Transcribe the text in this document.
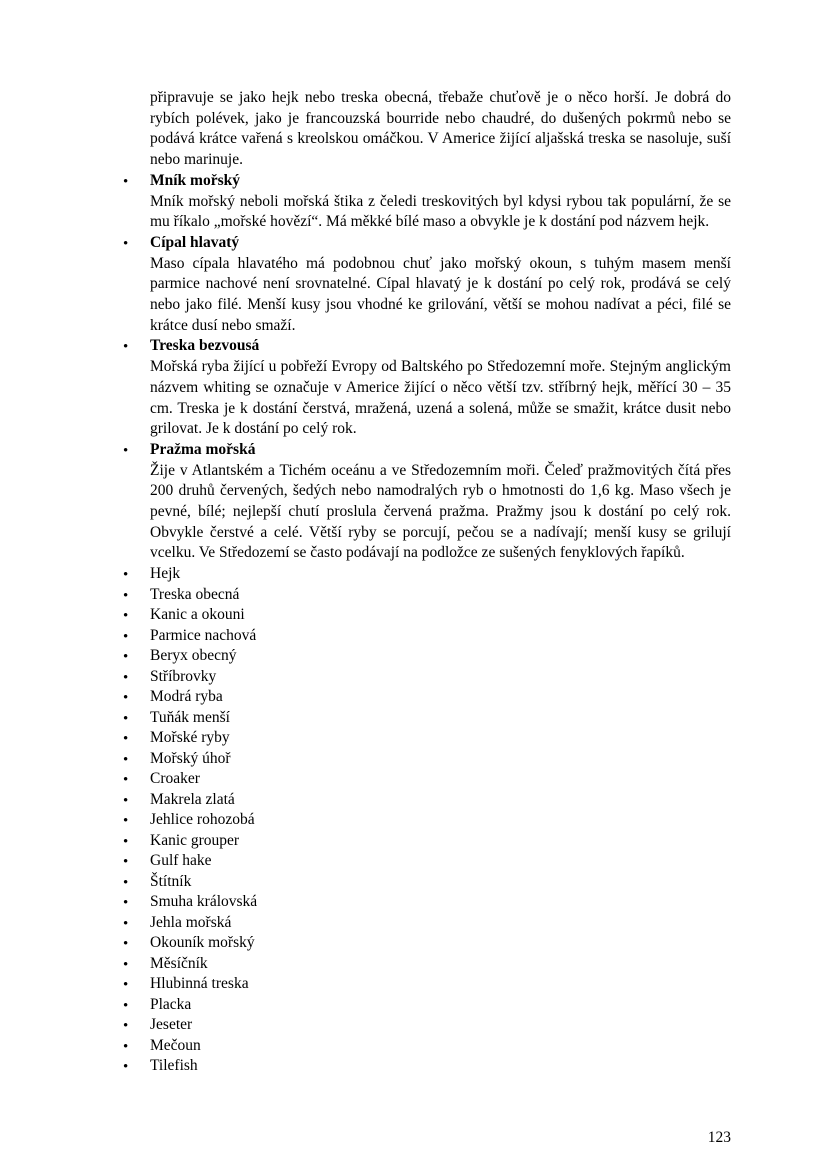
připravuje se jako hejk nebo treska obecná, třebaže chuťově je o něco horší. Je dobrá do rybích polévek, jako je francouzská bourride nebo chaudré, do dušených pokrmů nebo se podává krátce vařená s kreolskou omáčkou. V Americe žijící aljašská treska se nasoluje, suší nebo marinuje.

• Mník mořský

Mník mořský neboli mořská štika z čeledi treskovitých byl kdysi rybou tak populární, že se mu říkalo „mořské hovězí“. Má měkké bílé maso a obvykle je k dostání pod názvem hejk.

• Cípal hlavatý

Maso cípala hlavatého má podobnou chuť jako mořský okoun, s tuhým masem menší parmice nachové není srovnatelné. Cípal hlavatý je k dostání po celý rok, prodává se celý nebo jako filé. Menší kusy jsou vhodné ke grilování, větší se mohou nadívat a péci, filé se krátce dusí nebo smaží.

• Treska bezvousá

Mořská ryba žijící u pobřeží Evropy od Baltského po Středozemní moře. Stejným anglickým názvem whiting se označuje v Americe žijící o něco větší tzv. stříbrný hejk, měřící 30 – 35 cm. Treska je k dostání čerstvá, mražená, uzená a solená, může se smažit, krátce dusit nebo grilovat. Je k dostání po celý rok.

• Pražma mořská

Žije v Atlantském a Tichém oceánu a ve Středozemním moři. Čeleď pražmovitých čítá přes 200 druhů červených, šedých nebo namodralých ryb o hmotnosti do 1,6 kg. Maso všech je pevné, bílé; nejlepší chutí proslula červená pražma. Pražmy jsou k dostání po celý rok. Obvykle čerstvé a celé. Větší ryby se porcují, pečou se a nadívají; menší kusy se grilují vcelku. Ve Středozemí se často podávají na podložce ze sušených fenyklových řapíků.

• Hejk
• Treska obecná
• Kanic a okouni
• Parmice nachová
• Beryx obecný
• Stříbrovky
• Modrá ryba
• Tuňák menší
• Mořské ryby
• Mořský úhoř
• Croaker
• Makrela zlatá
• Jehlice rohozobá
• Kanic grouper
• Gulf hake
• Štítník
• Smuha královská
• Jehla mořská
• Okouník mořský
• Měsíčník
• Hlubinná treska
• Placka
• Jeseter
• Mečoun
• Tilefish
123
